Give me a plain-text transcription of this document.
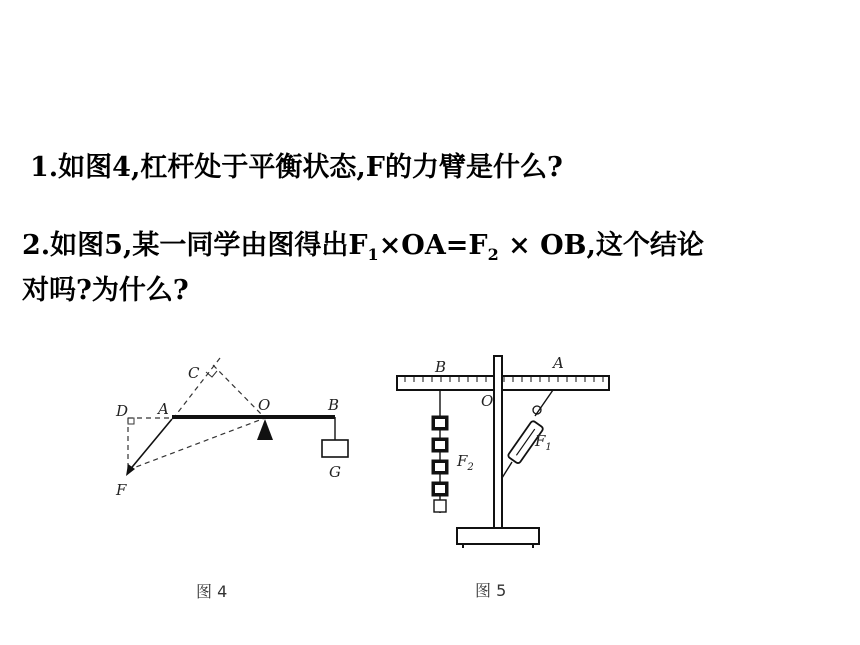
1.如图4,杠杆处于平衡状态,F的力臂是什么?

2.如图5,某一同学由图得出$F_1\times OA=F_2$ × OB,这个结论
对吗?为什么?
C
D A	O	B
F
G
图 4
B	A
O
$F_1$
$F_2$
图 5
